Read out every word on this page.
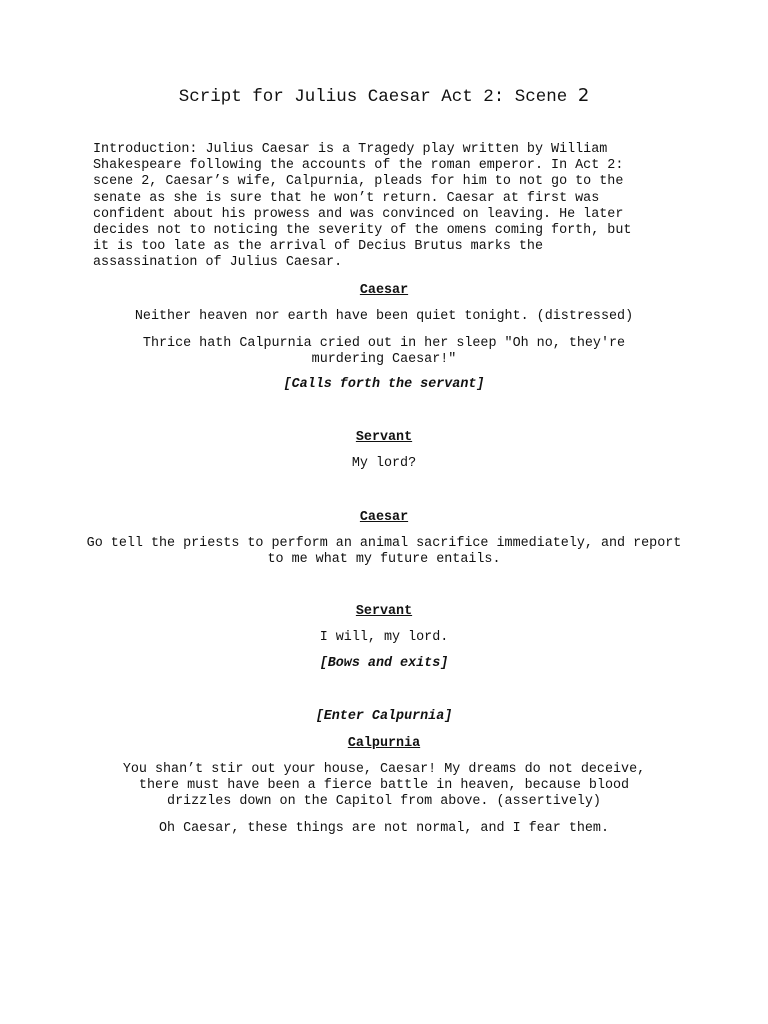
Script for Julius Caesar Act 2: Scene 2
Introduction: Julius Caesar is a Tragedy play written by William
Shakespeare following the accounts of the roman emperor. In Act 2:
scene 2, Caesar’s wife, Calpurnia, pleads for him to not go to the
senate as she is sure that he won’t return. Caesar at first was
confident about his prowess and was convinced on leaving. He later
decides not to noticing the severity of the omens coming forth, but
it is too late as the arrival of Decius Brutus marks the
assassination of Julius Caesar.
Caesar
Neither heaven nor earth have been quiet tonight. (distressed)
Thrice hath Calpurnia cried out in her sleep "Oh no, they're murdering Caesar!"
[Calls forth the servant]
Servant
My lord?
Caesar
Go tell the priests to perform an animal sacrifice immediately, and report to me what my future entails.
Servant
I will, my lord.
[Bows and exits]
[Enter Calpurnia]
Calpurnia
You shan’t stir out your house, Caesar! My dreams do not deceive, there must have been a fierce battle in heaven, because blood drizzles down on the Capitol from above. (assertively)
Oh Caesar, these things are not normal, and I fear them.
